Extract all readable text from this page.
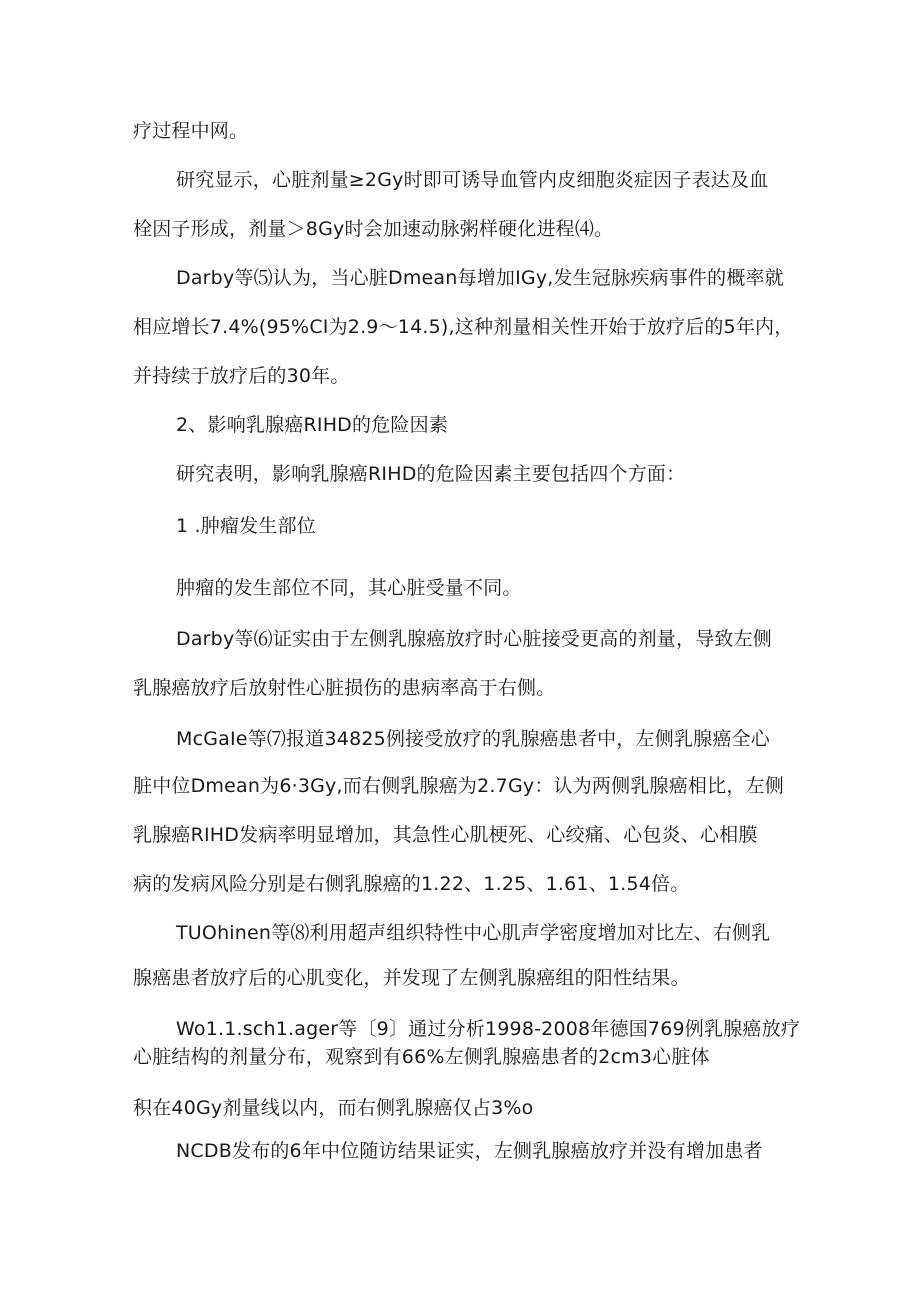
疗过程中网。
研究显示，心脏剂量≥2Gy时即可诱导血管内皮细胞炎症因子表达及血
栓因子形成，剂量＞8Gy时会加速动脉粥样硬化进程⑷。
Darby等⑸认为，当心脏Dmean每增加IGy,发生冠脉疾病事件的概率就
相应增长7.4%(95%CI为2.9～14.5),这种剂量相关性开始于放疗后的5年内，
并持续于放疗后的30年。
2、影响乳腺癌RIHD的危险因素
研究表明，影响乳腺癌RIHD的危险因素主要包括四个方面：
1 .肿瘤发生部位
肿瘤的发生部位不同，其心脏受量不同。
Darby等⑹证实由于左侧乳腺癌放疗时心脏接受更高的剂量，导致左侧
乳腺癌放疗后放射性心脏损伤的患病率高于右侧。
McGaIe等⑺报道34825例接受放疗的乳腺癌患者中，左侧乳腺癌全心
脏中位Dmean为6·3Gy,而右侧乳腺癌为2.7Gy：认为两侧乳腺癌相比，左侧
乳腺癌RIHD发病率明显增加，其急性心肌梗死、心绞痛、心包炎、心相膜
病的发病风险分别是右侧乳腺癌的1.22、1.25、1.61、1.54倍。
TUOhinen等⑻利用超声组织特性中心肌声学密度增加对比左、右侧乳
腺癌患者放疗后的心肌变化，并发现了左侧乳腺癌组的阳性结果。
Wo1.1.sch1.ager等〔9〕通过分析1998-2008年德国769例乳腺癌放疗
心脏结构的剂量分布，观察到有66%左侧乳腺癌患者的2cm3心脏体
积在40Gy剂量线以内，而右侧乳腺癌仅占3%o
NCDB发布的6年中位随访结果证实，左侧乳腺癌放疗并没有增加患者
